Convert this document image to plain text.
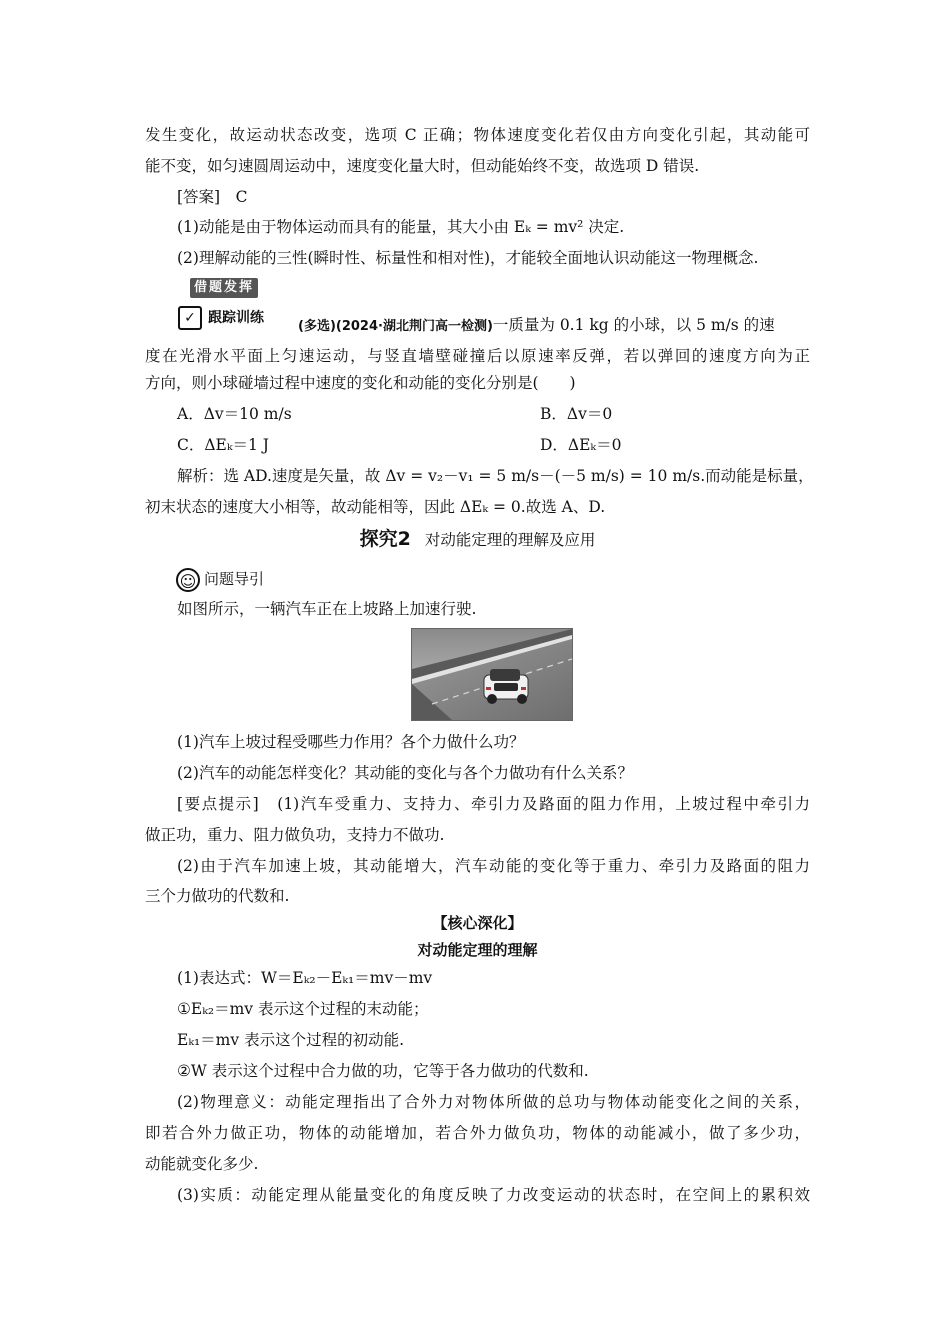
发生变化，故运动状态改变，选项 C 正确；物体速度变化若仅由方向变化引起，其动能可
能不变，如匀速圆周运动中，速度变化量大时，但动能始终不变，故选项 D 错误.
[答案]　C
(1)动能是由于物体运动而具有的能量，其大小由 Eₖ = mv² 决定.
(2)理解动能的三性(瞬时性、标量性和相对性)，才能较全面地认识动能这一物理概念.
借题发挥
✓ 跟踪训练
(多选)(2024·湖北荆门高一检测)一质量为 0.1 kg 的小球，以 5 m/s 的速
度在光滑水平面上匀速运动，与竖直墙壁碰撞后以原速率反弹，若以弹回的速度方向为正
方向，则小球碰墙过程中速度的变化和动能的变化分别是(　　)
A．Δv＝10 m/s	B．Δv＝0
C．ΔEₖ＝1 J	D．ΔEₖ＝0
解析：选 AD.速度是矢量，故 Δv = v₂－v₁ = 5 m/s－(－5 m/s) = 10 m/s.而动能是标量，
初末状态的速度大小相等，故动能相等，因此 ΔEₖ = 0.故选 A、D.
探究2 对动能定理的理解及应用
☺ 问题导引
如图所示，一辆汽车正在上坡路上加速行驶.
(1)汽车上坡过程受哪些力作用？各个力做什么功？
(2)汽车的动能怎样变化？其动能的变化与各个力做功有什么关系？
[要点提示]　(1)汽车受重力、支持力、牵引力及路面的阻力作用，上坡过程中牵引力
做正功，重力、阻力做负功，支持力不做功.
(2)由于汽车加速上坡，其动能增大，汽车动能的变化等于重力、牵引力及路面的阻力
三个力做功的代数和.
【核心深化】
对动能定理的理解
(1)表达式：W＝Eₖ₂－Eₖ₁＝mv－mv
①Eₖ₂＝mv 表示这个过程的末动能；
Eₖ₁＝mv 表示这个过程的初动能.
②W 表示这个过程中合力做的功，它等于各力做功的代数和.
(2)物理意义：动能定理指出了合外力对物体所做的总功与物体动能变化之间的关系，
即若合外力做正功，物体的动能增加，若合外力做负功，物体的动能减小，做了多少功，
动能就变化多少.
(3)实质：动能定理从能量变化的角度反映了力改变运动的状态时，在空间上的累积效
